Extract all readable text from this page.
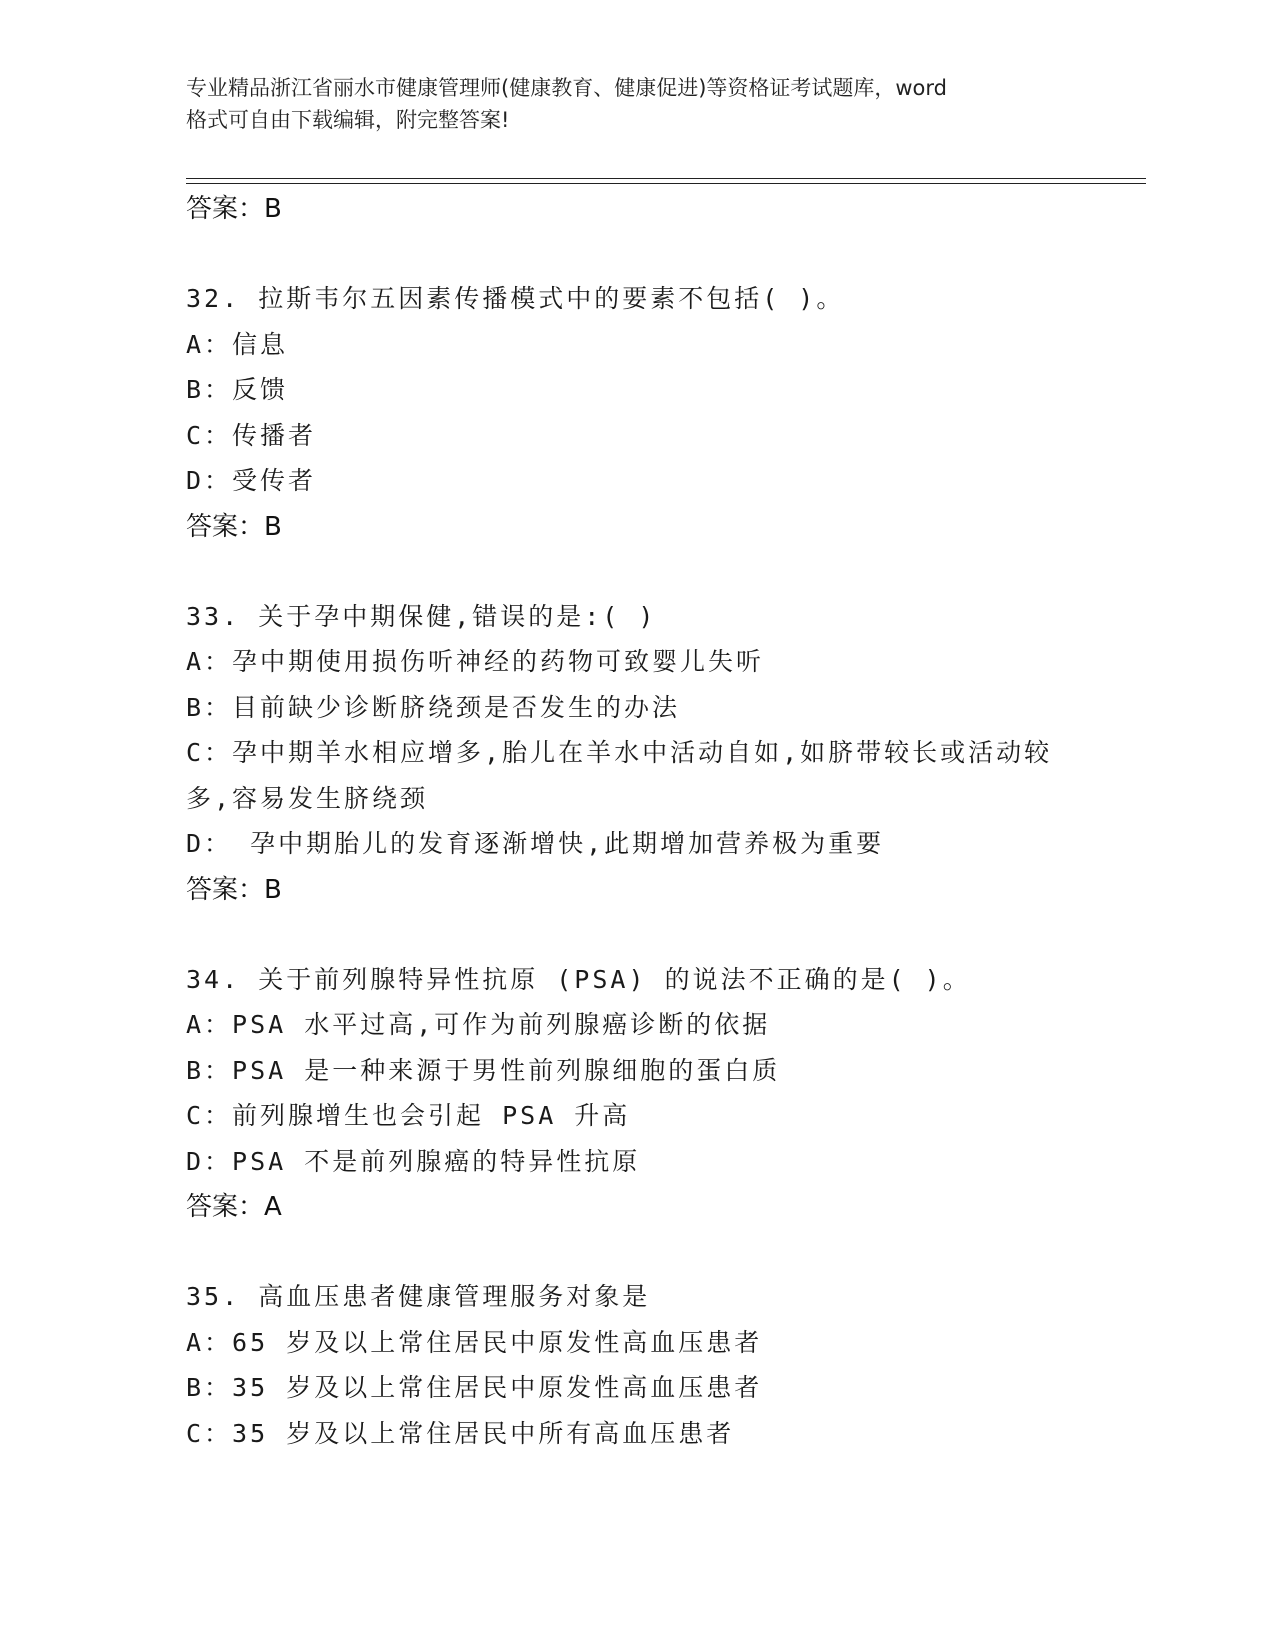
专业精品浙江省丽水市健康管理师(健康教育、健康促进)等资格证考试题库，word
格式可自由下载编辑，附完整答案!
答案：B
32. 拉斯韦尔五因素传播模式中的要素不包括( )。
A：信息
B：反馈
C：传播者
D：受传者
答案：B
33. 关于孕中期保健,错误的是:( )
A：孕中期使用损伤听神经的药物可致婴儿失听
B：目前缺少诊断脐绕颈是否发生的办法
C：孕中期羊水相应增多,胎儿在羊水中活动自如,如脐带较长或活动较
多,容易发生脐绕颈
D： 孕中期胎儿的发育逐渐增快,此期增加营养极为重要
答案：B
34. 关于前列腺特异性抗原 (PSA) 的说法不正确的是( )。
A：PSA 水平过高,可作为前列腺癌诊断的依据
B：PSA 是一种来源于男性前列腺细胞的蛋白质
C：前列腺增生也会引起 PSA 升高
D：PSA 不是前列腺癌的特异性抗原
答案：A
35. 高血压患者健康管理服务对象是
A：65 岁及以上常住居民中原发性高血压患者
B：35 岁及以上常住居民中原发性高血压患者
C：35 岁及以上常住居民中所有高血压患者
